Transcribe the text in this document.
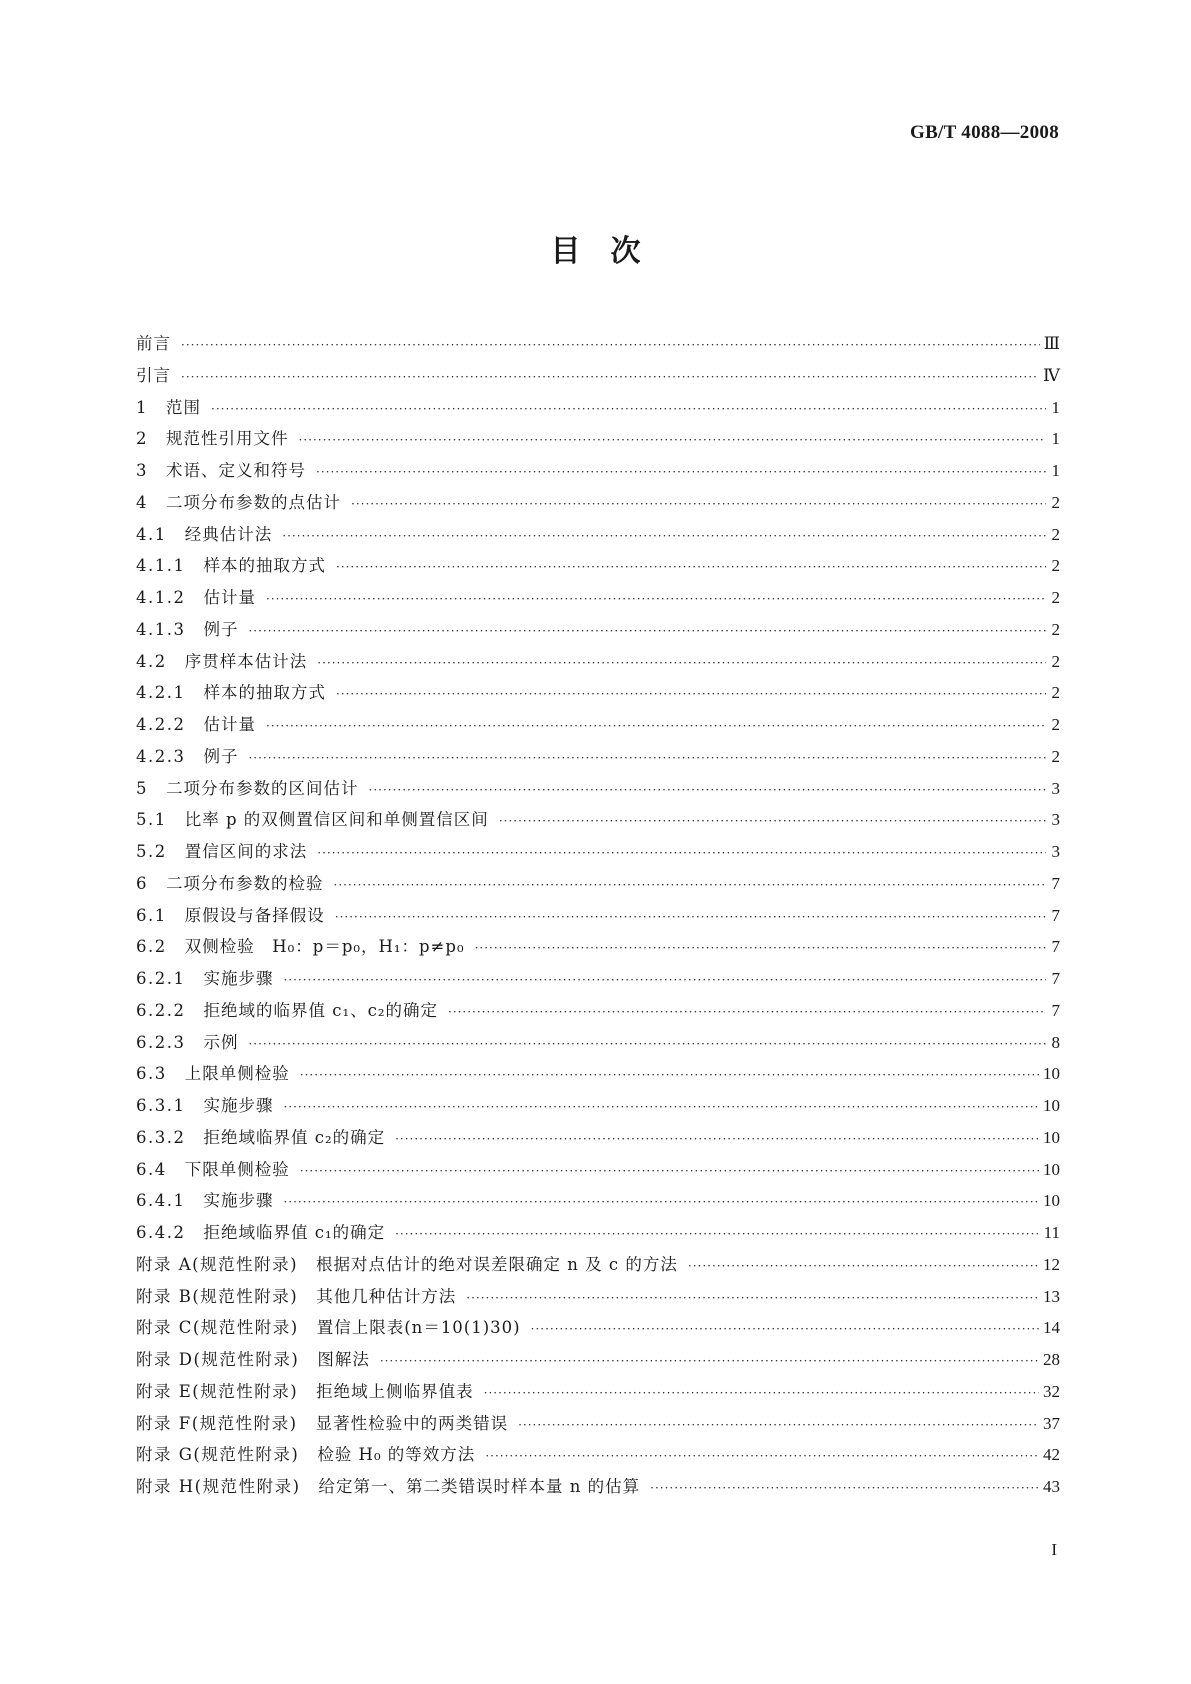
GB/T 4088—2008
目　次
前言 ·····	Ⅲ
引言 ·····	Ⅳ
1 范围 ·····	1
2 规范性引用文件 ·····	1
3 术语、定义和符号 ·····	1
4 二项分布参数的点估计 ·····	2
4.1 经典估计法 ·····	2
4.1.1 样本的抽取方式 ·····	2
4.1.2 估计量 ·····	2
4.1.3 例子 ·····	2
4.2 序贯样本估计法 ·····	2
4.2.1 样本的抽取方式 ·····	2
4.2.2 估计量 ·····	2
4.2.3 例子 ·····	2
5 二项分布参数的区间估计 ·····	3
5.1 比率 p 的双侧置信区间和单侧置信区间 ·····	3
5.2 置信区间的求法 ·····	3
6 二项分布参数的检验 ·····	7
6.1 原假设与备择假设 ·····	7
6.2 双侧检验　H₀：p＝p₀，H₁：p≠p₀ ·····	7
6.2.1 实施步骤 ·····	7
6.2.2 拒绝域的临界值 c₁、c₂的确定 ·····	7
6.2.3 示例 ·····	8
6.3 上限单侧检验 ·····	10
6.3.1 实施步骤 ·····	10
6.3.2 拒绝域临界值 c₂的确定 ·····	10
6.4 下限单侧检验 ·····	10
6.4.1 实施步骤 ·····	10
6.4.2 拒绝域临界值 c₁的确定 ·····	11
附录 A(规范性附录) 根据对点估计的绝对误差限确定 n 及 c 的方法 ·····	12
附录 B(规范性附录) 其他几种估计方法 ·····	13
附录 C(规范性附录) 置信上限表(n＝10(1)30) ·····	14
附录 D(规范性附录) 图解法 ·····	28
附录 E(规范性附录) 拒绝域上侧临界值表 ·····	32
附录 F(规范性附录) 显著性检验中的两类错误 ·····	37
附录 G(规范性附录) 检验 H₀ 的等效方法 ·····	42
附录 H(规范性附录) 给定第一、第二类错误时样本量 n 的估算 ·····	43
I
